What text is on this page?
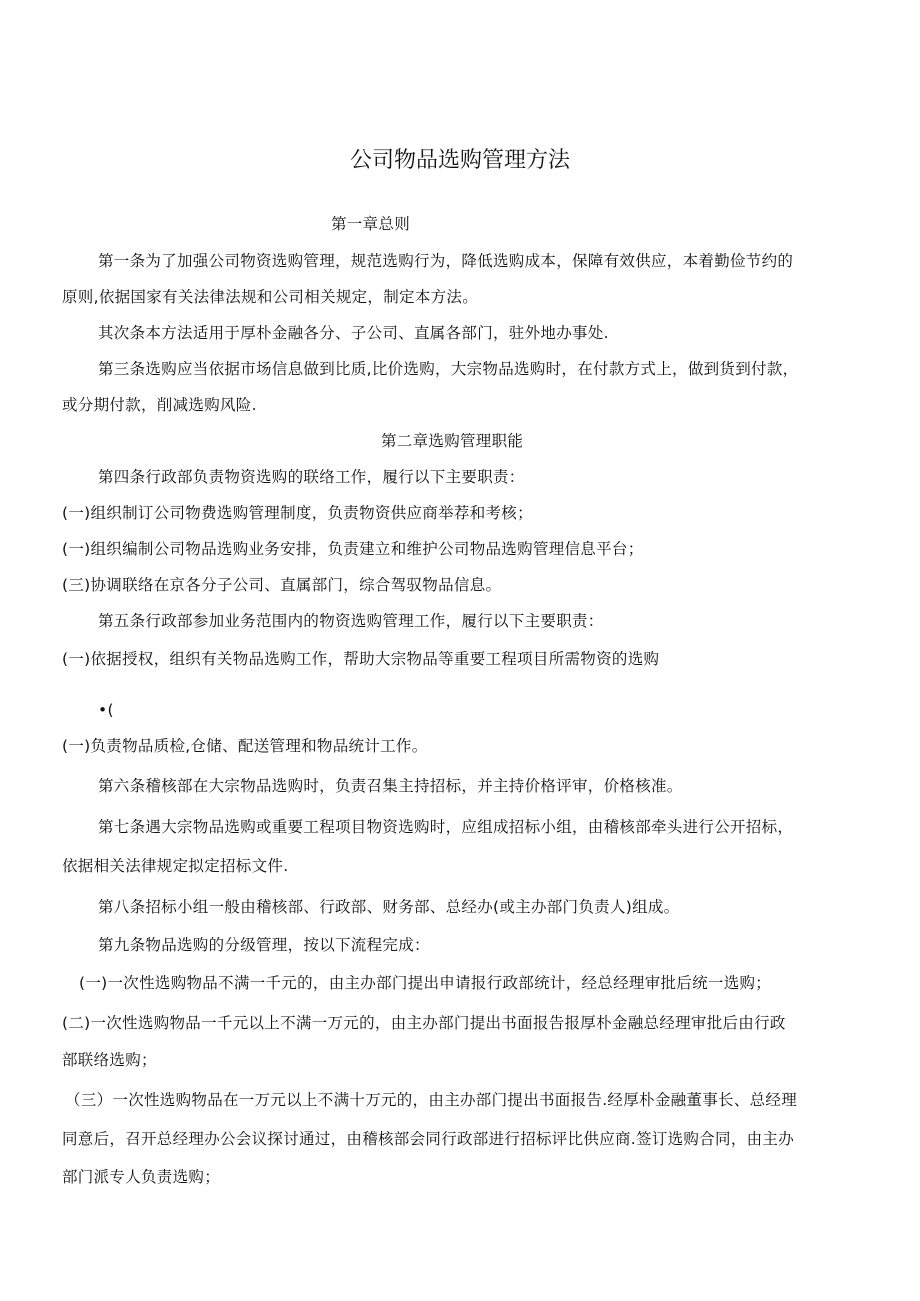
公司物品选购管理方法
第一章总则
第一条为了加强公司物资选购管理，规范选购行为，降低选购成本，保障有效供应，本着勤俭节约的
原则,依据国家有关法律法规和公司相关规定，制定本方法。
其次条本方法适用于厚朴金融各分、子公司、直属各部门，驻外地办事处.
第三条选购应当依据市场信息做到比质,比价选购，大宗物品选购时，在付款方式上，做到货到付款，
或分期付款，削减选购风险.
第二章选购管理职能
第四条行政部负责物资选购的联络工作，履行以下主要职责：
(一)组织制订公司物费选购管理制度，负责物资供应商举荐和考核；
(一)组织编制公司物品选购业务安排，负责建立和维护公司物品选购管理信息平台；
(三)协调联络在京各分子公司、直属部门，综合驾驭物品信息。
第五条行政部参加业务范围内的物资选购管理工作，履行以下主要职责：
(一)依据授权，组织有关物品选购工作，帮助大宗物品等重要工程项目所需物资的选购
•(
(一)负责物品质检,仓储、配送管理和物品统计工作。
第六条稽核部在大宗物品选购时，负责召集主持招标，并主持价格评审，价格核准。
第七条遇大宗物品选购或重要工程项目物资选购时，应组成招标小组，由稽核部牵头进行公开招标，
依据相关法律规定拟定招标文件.
第八条招标小组一般由稽核部、行政部、财务部、总经办(或主办部门负责人)组成。
第九条物品选购的分级管理，按以下流程完成：
(一)一次性选购物品不满一千元的，由主办部门提出申请报行政部统计，经总经理审批后统一选购；
(二)一次性选购物品一千元以上不满一万元的，由主办部门提出书面报告报厚朴金融总经理审批后由行政
部联络选购；
（三）一次性选购物品在一万元以上不满十万元的，由主办部门提出书面报告.经厚朴金融董事长、总经理
同意后，召开总经理办公会议探讨通过，由稽核部会同行政部进行招标评比供应商.签订选购合同，由主办
部门派专人负责选购；
